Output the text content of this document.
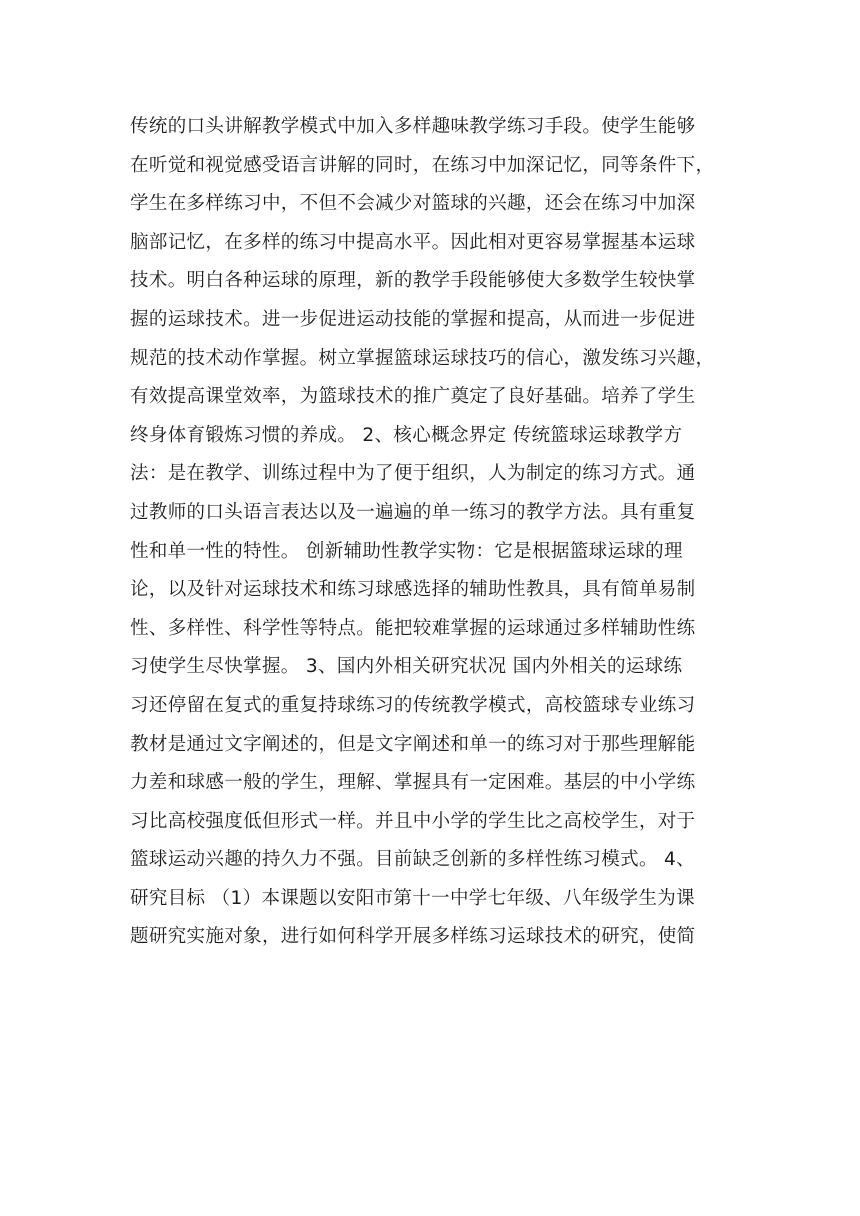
传统的口头讲解教学模式中加入多样趣味教学练习手段。使学生能够
在听觉和视觉感受语言讲解的同时，在练习中加深记忆，同等条件下，
学生在多样练习中，不但不会减少对篮球的兴趣，还会在练习中加深
脑部记忆，在多样的练习中提高水平。因此相对更容易掌握基本运球
技术。明白各种运球的原理，新的教学手段能够使大多数学生较快掌
握的运球技术。进一步促进运动技能的掌握和提高，从而进一步促进
规范的技术动作掌握。树立掌握篮球运球技巧的信心，激发练习兴趣，
有效提高课堂效率，为篮球技术的推广奠定了良好基础。培养了学生
终身体育锻炼习惯的养成。 2、核心概念界定 传统篮球运球教学方
法：是在教学、训练过程中为了便于组织，人为制定的练习方式。通
过教师的口头语言表达以及一遍遍的单一练习的教学方法。具有重复
性和单一性的特性。 创新辅助性教学实物：它是根据篮球运球的理
论，以及针对运球技术和练习球感选择的辅助性教具，具有简单易制
性、多样性、科学性等特点。能把较难掌握的运球通过多样辅助性练
习使学生尽快掌握。 3、国内外相关研究状况 国内外相关的运球练
习还停留在复式的重复持球练习的传统教学模式，高校篮球专业练习
教材是通过文字阐述的，但是文字阐述和单一的练习对于那些理解能
力差和球感一般的学生，理解、掌握具有一定困难。基层的中小学练
习比高校强度低但形式一样。并且中小学的学生比之高校学生，对于
篮球运动兴趣的持久力不强。目前缺乏创新的多样性练习模式。 4、
研究目标 （1）本课题以安阳市第十一中学七年级、八年级学生为课
题研究实施对象，进行如何科学开展多样练习运球技术的研究，使简
